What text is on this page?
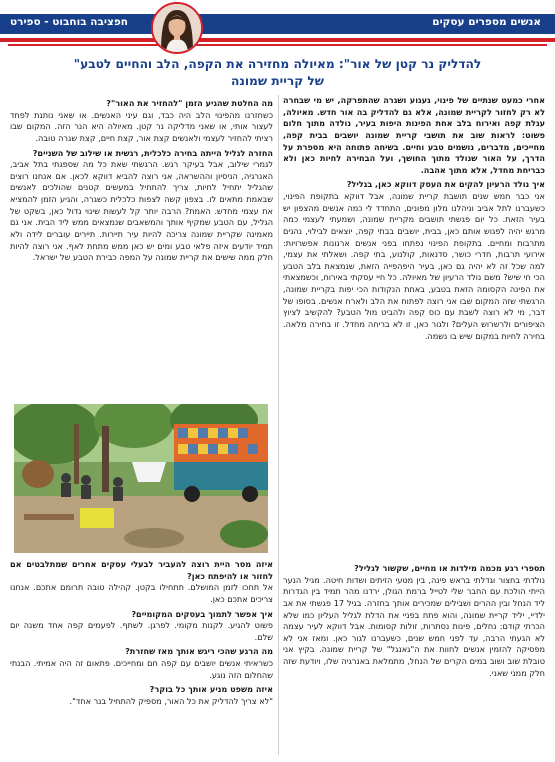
אנשים מספרים עסקים
חפציבה בוחבוט - ספירט
להדליק נר קטן של אור": מאיולה מחזירה את הקפה, הלב והחיים לטבע"
של קריית שמונה

אחרי כמעט שנתיים של פינוי, געגוע ושגרה שהתפרקה, יש מי שבחרה לא רק לחזור לקריית שמונה, אלא גם להדליק בה אור חדש. מאיולה, עגלת קפה ואירוח בלב אחת הפינות היפות בעיר, נולדה מתוך חלום פשוט: לראות שוב את תושבי קריית שמונה יושבים בבית קפה, מחייכים, מדברים, נושמים טבע וחיים. בשיחה פתוחה היא מספרת על הדרך, על האור שנולד מתוך החושך, ועל הבחירה לחיות כאן ולא כבריחת מחדל, אלא מתוך אהבה.

איך נולד הרעיון להקים את העסק דווקא כאן, בגליל?

אני כבר חמש שנים תושבת קריית שמונה, אבל דווקא בתקופת הפינוי, כשעברנו לתל אביב וניהלנו מלון מפונים, התחדד לי כמה אנשים מהצפון יש בעיר הזאת. כל יום פגשתי תושבים מקריית שמונה, ושמעתי לעצמי כמה מרגש יהיה לפגוש אותם כאן, בבית, יושבים בבתי קפה, יוצאים לבילוי, נהנים מתרבות ומחיים. בתקופת הפינוי נפתחו בפני אנשים ארנונות אפשרויות: אירועי תרבות, חדרי כושר, סדנאות, קולנוע, בתי קפה. ושאלתי את עצמי, למה שכל זה לא יהיה גם כאן, בעיר היפהפייה הזאת, שנמצאת בלב הטבע הכי חי שיש? משם נולד הרעיון של מאיולה. כל חיי עסקתי באירוח, וכשמצאתי את הפינה הקסומה הזאת בטבע, באחת הנקודות הכי יפות בקריית שמונה, הרגשתי שזה המקום שבו אני רוצה לפתוח את הלב ולארח אנשים. בסופו של דבר, מי לא רוצה לשבת עם כוס קפה ולהביט מול הטבע? להקשיב לציוץ הציפורים ולרשרוש העלים? ולגור כאן, זו לא בריחה מחדל. זו בחירה מלאה. בחירה לחיות במקום שיש בו נשמה.

תספרי רגע מכמה מילדות או מחיים, שקשור לגליל?

נולדתי בחצור וגדלתי בראש פינה, בין מטעי הזיתים ושדות חיטה. מגיל הנער הייתי הולכת עם החבר שלי לטייל ברמת הגולן, ירדנו מהר תמיד בין הגדרות ליד הנחל ובין ההרים ושבילים שמכירים אותך בחזרה. בגיל 17 פגשתי את אב ילדיי, יליד קריית שמונה, והוא פתח בפניי את הדלת לגליל העליון כמו שלא הכרתי קודם: נחלים, פינות נסתרות, זולות קסומות. אבל דווקא לעיר עצמה לא הגעתי הרבה, עד לפני חמש שנים, כשעברנו לגור כאן. ומאז אני לא מפסיקה להזמין אנשים לחוות את ה"גאנגל" של קריית שמונה. בקיץ אני טובלת שוב ושוב במים הקרים של הנחל, מתמלאת באנרגיה שלו, ויודעת שזה חלק ממני שאני.

מה החלטת שהגיע הזמן "להחזיר את האור"?

כשחזרנו מהפינוי הלב היה כבד, וגם עיני האנשים. או שאני נותנת לפחד לעצור אותי, או שאני מדליקה נר קטן. מאיולה היא הנר הזה. המקום שבו רציתי להחזיר לעצמי ולאנשים קצת אור, קצת חיים, קצת שגרה טובה.

החזרה לגליל הייתה בחירה כלכלית, רגשית או שילוב של השניים?

לגמרי שילוב, אבל בעיקר רגש. הרגשתי שאת כל מה שספגתי בתל אביב, האנרגיה, הניסיון וההשראה, אני רוצה להביא דווקא לכאן. אם אנחנו רוצים שהגליל יתחיל לחיות, צריך להתחיל במעשים קטנים שהולכים לאנשים שבאמת מתאים לו. בצפון קשה לצפות כלכלית כשגרה, והגיע הזמן להמציא את עצמי מחדש. האמת? הרבה יותר קל לעשות שינוי גדול כאן, בשקט של הגליל, עם הטבע שמקיף אותך והמשאבים שנמצאים ממש ליד הבית. אני גם מאמינה שקריית שמונה צריכה להיות עיר תיירות. תיירים עוברים לידה ולא תמיד יודעים איזה פלאי טבע ומים יש כאן ממש מתחת לאף. אני רוצה להיות חלק ממה שישים את קריית שמונה על המפה כבירת הטבע של ישראל.

איזה מסר היית רוצה להעביר לבעלי עסקים אחרים שמתלבטים אם לחזור או להיפתח כאן?

אל תחכו לזמן המושלם. תתחילו בקטן. קהילה טובה תרומם אתכם. אנחנו צריכים אתכם כאן.

איך אפשר לתמוך בעסקים המקומיים?

פשוט להגיע. לקנות מקומי. לפרגן. לשתף. לפעמים קפה אחד משנה יום שלם.

מה הרגע שהכי ריגש אותך מאז שחזרת?

כשראיתי אנשים יושבים עם קפה חם ומחייכים. פתאום זה היה אמיתי. הבנתי שהחלום הזה נוגע.

איזה משפט מניע אותך כל בוקר?

"לא צריך להדליק את כל האור, מספיק להתחיל בנר אחד".
